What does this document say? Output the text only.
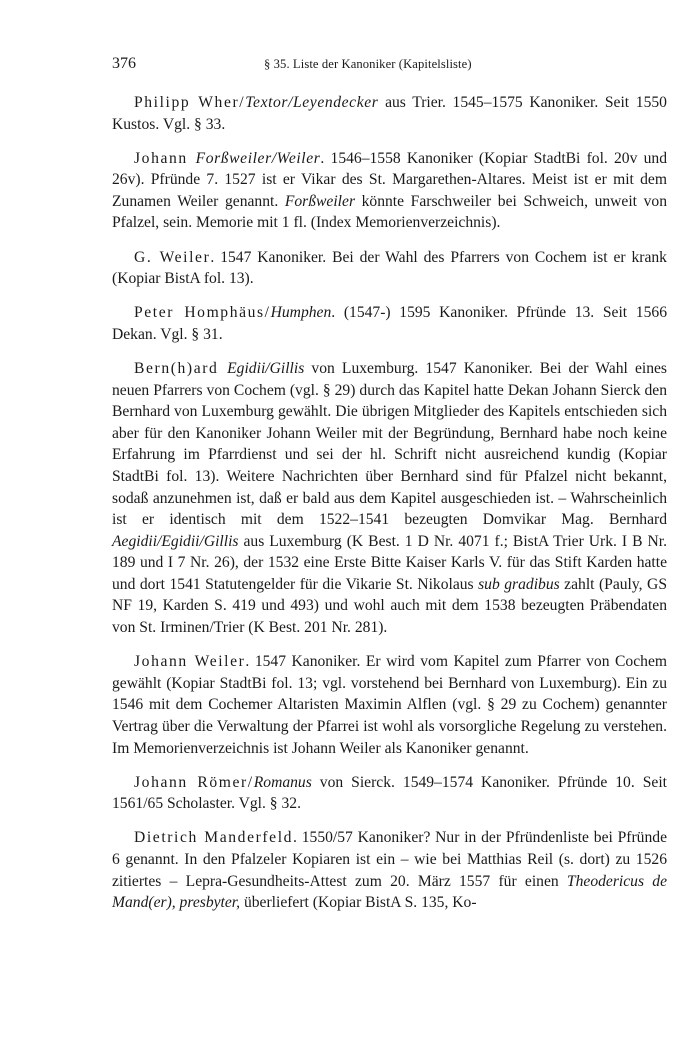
376	§ 35. Liste der Kanoniker (Kapitelsliste)

Philipp Wher/Textor/Leyendecker aus Trier. 1545–1575 Kanoniker. Seit 1550 Kustos. Vgl. § 33.

Johann Forßweiler/Weiler. 1546–1558 Kanoniker (Kopiar StadtBi fol. 20v und 26v). Pfründe 7. 1527 ist er Vikar des St. Margarethen-Altares. Meist ist er mit dem Zunamen Weiler genannt. Forßweiler könnte Farschweiler bei Schweich, unweit von Pfalzel, sein. Memorie mit 1 fl. (Index Memorienverzeichnis).

G. Weiler. 1547 Kanoniker. Bei der Wahl des Pfarrers von Cochem ist er krank (Kopiar BistA fol. 13).

Peter Homphäus/Humphen. (1547-) 1595 Kanoniker. Pfründe 13. Seit 1566 Dekan. Vgl. § 31.

Bern(h)ard Egidii/Gillis von Luxemburg. 1547 Kanoniker. Bei der Wahl eines neuen Pfarrers von Cochem (vgl. § 29) durch das Kapitel hatte Dekan Johann Sierck den Bernhard von Luxemburg gewählt. Die übrigen Mitglieder des Kapitels entschieden sich aber für den Kanoniker Johann Weiler mit der Begründung, Bernhard habe noch keine Erfahrung im Pfarrdienst und sei der hl. Schrift nicht ausreichend kundig (Kopiar StadtBi fol. 13). Weitere Nachrichten über Bernhard sind für Pfalzel nicht bekannt, sodaß anzunehmen ist, daß er bald aus dem Kapitel ausgeschieden ist. – Wahrscheinlich ist er identisch mit dem 1522–1541 bezeugten Domvikar Mag. Bernhard Aegidii/Egidii/Gillis aus Luxemburg (K Best. 1 D Nr. 4071 f.; BistA Trier Urk. I B Nr. 189 und I 7 Nr. 26), der 1532 eine Erste Bitte Kaiser Karls V. für das Stift Karden hatte und dort 1541 Statutengelder für die Vikarie St. Nikolaus sub gradibus zahlt (Pauly, GS NF 19, Karden S. 419 und 493) und wohl auch mit dem 1538 bezeugten Präbendaten von St. Irminen/Trier (K Best. 201 Nr. 281).

Johann Weiler. 1547 Kanoniker. Er wird vom Kapitel zum Pfarrer von Cochem gewählt (Kopiar StadtBi fol. 13; vgl. vorstehend bei Bernhard von Luxemburg). Ein zu 1546 mit dem Cochemer Altaristen Maximin Alflen (vgl. § 29 zu Cochem) genannter Vertrag über die Verwaltung der Pfarrei ist wohl als vorsorgliche Regelung zu verstehen. Im Memorienverzeichnis ist Johann Weiler als Kanoniker genannt.

Johann Römer/Romanus von Sierck. 1549–1574 Kanoniker. Pfründe 10. Seit 1561/65 Scholaster. Vgl. § 32.

Dietrich Manderfeld. 1550/57 Kanoniker? Nur in der Pfründenliste bei Pfründe 6 genannt. In den Pfalzeler Kopiaren ist ein – wie bei Matthias Reil (s. dort) zu 1526 zitiertes – Lepra-Gesundheits-Attest zum 20. März 1557 für einen Theodericus de Mand(er), presbyter, überliefert (Kopiar BistA S. 135, Ko-
